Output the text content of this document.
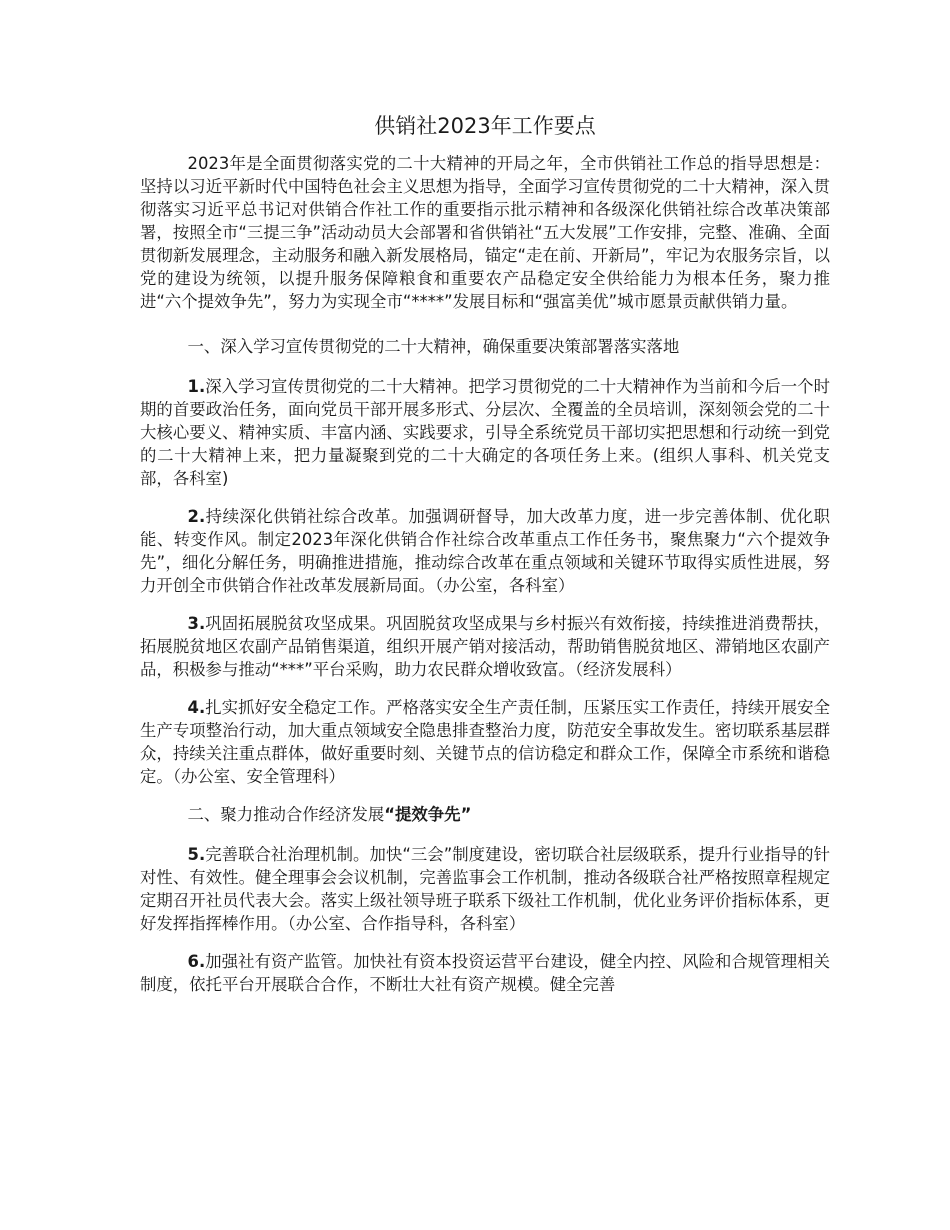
供销社2023年工作要点

2023年是全面贯彻落实党的二十大精神的开局之年，全市供销社工作总的指导思想是：坚持以习近平新时代中国特色社会主义思想为指导，全面学习宣传贯彻党的二十大精神，深入贯彻落实习近平总书记对供销合作社工作的重要指示批示精神和各级深化供销社综合改革决策部署，按照全市“三提三争”活动动员大会部署和省供销社“五大发展”工作安排，完整、准确、全面贯彻新发展理念，主动服务和融入新发展格局，锚定“走在前、开新局”，牢记为农服务宗旨，以党的建设为统领，以提升服务保障粮食和重要农产品稳定安全供给能力为根本任务，聚力推进“六个提效争先”，努力为实现全市“****”发展目标和“强富美优”城市愿景贡献供销力量。

一、深入学习宣传贯彻党的二十大精神，确保重要决策部署落实落地

1.深入学习宣传贯彻党的二十大精神。把学习贯彻党的二十大精神作为当前和今后一个时期的首要政治任务，面向党员干部开展多形式、分层次、全覆盖的全员培训，深刻领会党的二十大核心要义、精神实质、丰富内涵、实践要求，引导全系统党员干部切实把思想和行动统一到党的二十大精神上来，把力量凝聚到党的二十大确定的各项任务上来。(组织人事科、机关党支部，各科室)

2.持续深化供销社综合改革。加强调研督导，加大改革力度，进一步完善体制、优化职能、转变作风。制定2023年深化供销合作社综合改革重点工作任务书，聚焦聚力“六个提效争先”，细化分解任务，明确推进措施，推动综合改革在重点领域和关键环节取得实质性进展，努力开创全市供销合作社改革发展新局面。（办公室，各科室）

3.巩固拓展脱贫攻坚成果。巩固脱贫攻坚成果与乡村振兴有效衔接，持续推进消费帮扶，拓展脱贫地区农副产品销售渠道，组织开展产销对接活动，帮助销售脱贫地区、滞销地区农副产品，积极参与推动“***”平台采购，助力农民群众增收致富。（经济发展科）

4.扎实抓好安全稳定工作。严格落实安全生产责任制，压紧压实工作责任，持续开展安全生产专项整治行动，加大重点领域安全隐患排查整治力度，防范安全事故发生。密切联系基层群众，持续关注重点群体，做好重要时刻、关键节点的信访稳定和群众工作，保障全市系统和谐稳定。（办公室、安全管理科）

二、聚力推动合作经济发展“提效争先”

5.完善联合社治理机制。加快“三会”制度建设，密切联合社层级联系，提升行业指导的针对性、有效性。健全理事会会议机制，完善监事会工作机制，推动各级联合社严格按照章程规定定期召开社员代表大会。落实上级社领导班子联系下级社工作机制，优化业务评价指标体系，更好发挥指挥棒作用。（办公室、合作指导科，各科室）

6.加强社有资产监管。加快社有资本投资运营平台建设，健全内控、风险和合规管理相关制度，依托平台开展联合合作，不断壮大社有资产规模。健全完善
